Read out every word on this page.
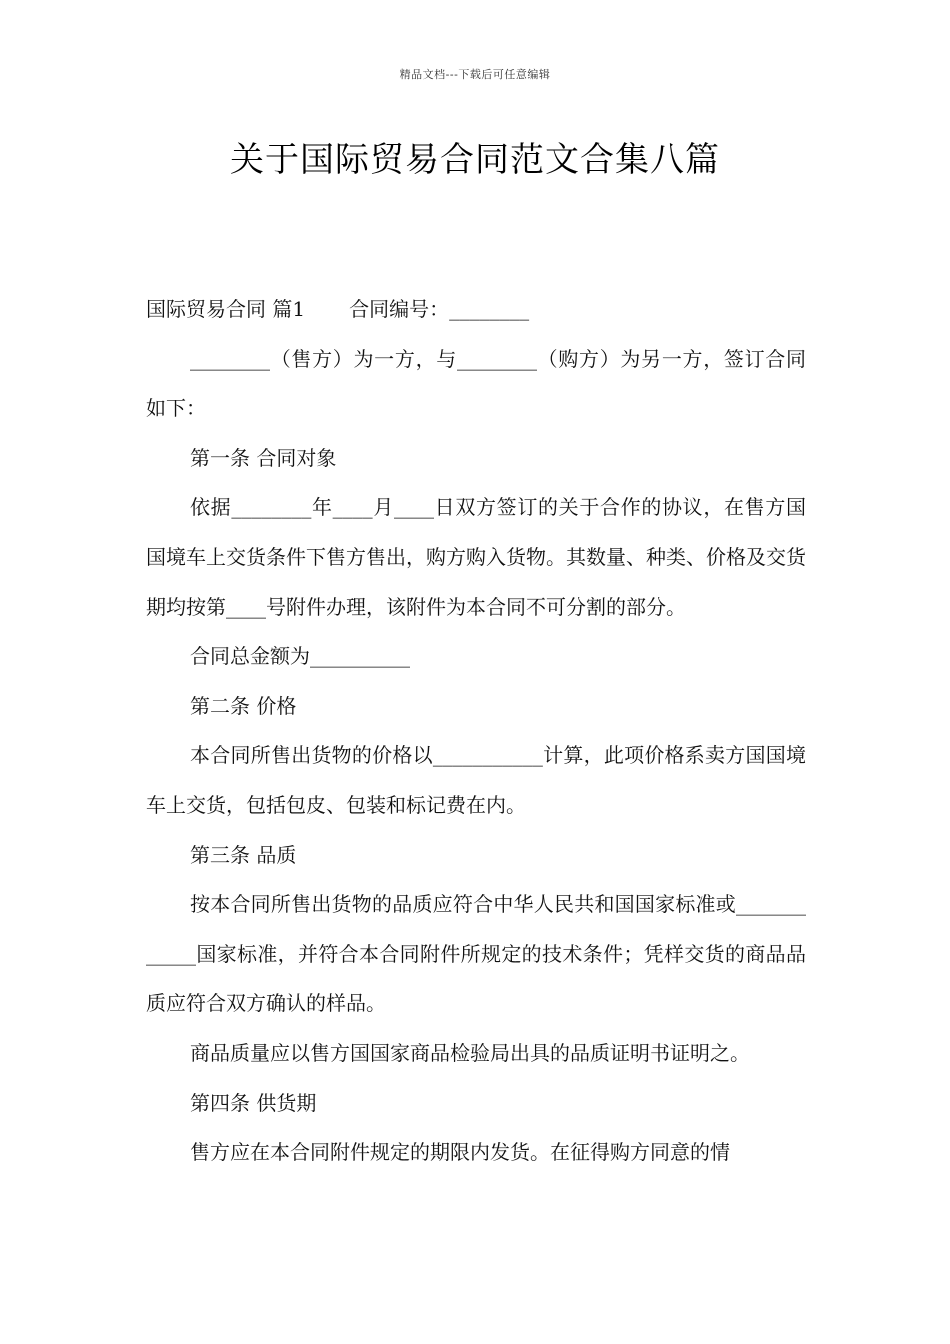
精品文档---下载后可任意编辑
关于国际贸易合同范文合集八篇

国际贸易合同 篇1 合同编号：________

________（售方）为一方，与________（购方）为另一方，签订合同如下：

第一条 合同对象

依据________年____月____日双方签订的关于合作的协议，在售方国国境车上交货条件下售方售出，购方购入货物。其数量、种类、价格及交货期均按第____号附件办理，该附件为本合同不可分割的部分。

合同总金额为__________

第二条 价格

本合同所售出货物的价格以___________计算，此项价格系卖方国国境车上交货，包括包皮、包装和标记费在内。

第三条 品质

按本合同所售出货物的品质应符合中华人民共和国国家标准或____________国家标准，并符合本合同附件所规定的技术条件；凭样交货的商品品质应符合双方确认的样品。

商品质量应以售方国国家商品检验局出具的品质证明书证明之。

第四条 供货期

售方应在本合同附件规定的期限内发货。在征得购方同意的情
